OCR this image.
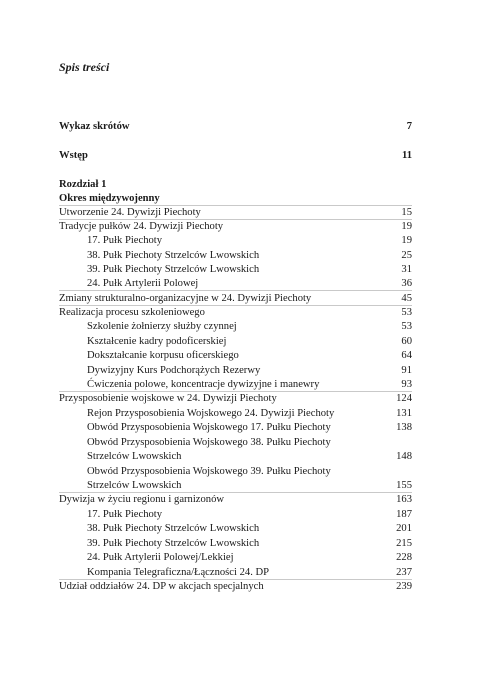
Spis treści
Wykaz skrótów	7
Wstęp	11
Rozdział 1
Okres międzywojenny
Utworzenie 24. Dywizji Piechoty	15
Tradycje pułków 24. Dywizji Piechoty	19
17. Pułk Piechoty	19
38. Pułk Piechoty Strzelców Lwowskich	25
39. Pułk Piechoty Strzelców Lwowskich	31
24. Pułk Artylerii Polowej	36
Zmiany strukturalno-organizacyjne w 24. Dywizji Piechoty	45
Realizacja procesu szkoleniowego	53
Szkolenie żołnierzy służby czynnej	53
Kształcenie kadry podoficerskiej	60
Dokształcanie korpusu oficerskiego	64
Dywizyjny Kurs Podchorążych Rezerwy	91
Ćwiczenia polowe, koncentracje dywizyjne i manewry	93
Przysposobienie wojskowe w 24. Dywizji Piechoty	124
Rejon Przysposobienia Wojskowego 24. Dywizji Piechoty	131
Obwód Przysposobienia Wojskowego 17. Pułku Piechoty	138
Obwód Przysposobienia Wojskowego 38. Pułku Piechoty
Strzelców Lwowskich	148
Obwód Przysposobienia Wojskowego 39. Pułku Piechoty
Strzelców Lwowskich	155
Dywizja w życiu regionu i garnizonów	163
17. Pułk Piechoty	187
38. Pułk Piechoty Strzelców Lwowskich	201
39. Pułk Piechoty Strzelców Lwowskich	215
24. Pułk Artylerii Polowej/Lekkiej	228
Kompania Telegraficzna/Łączności 24. DP	237
Udział oddziałów 24. DP w akcjach specjalnych	239
